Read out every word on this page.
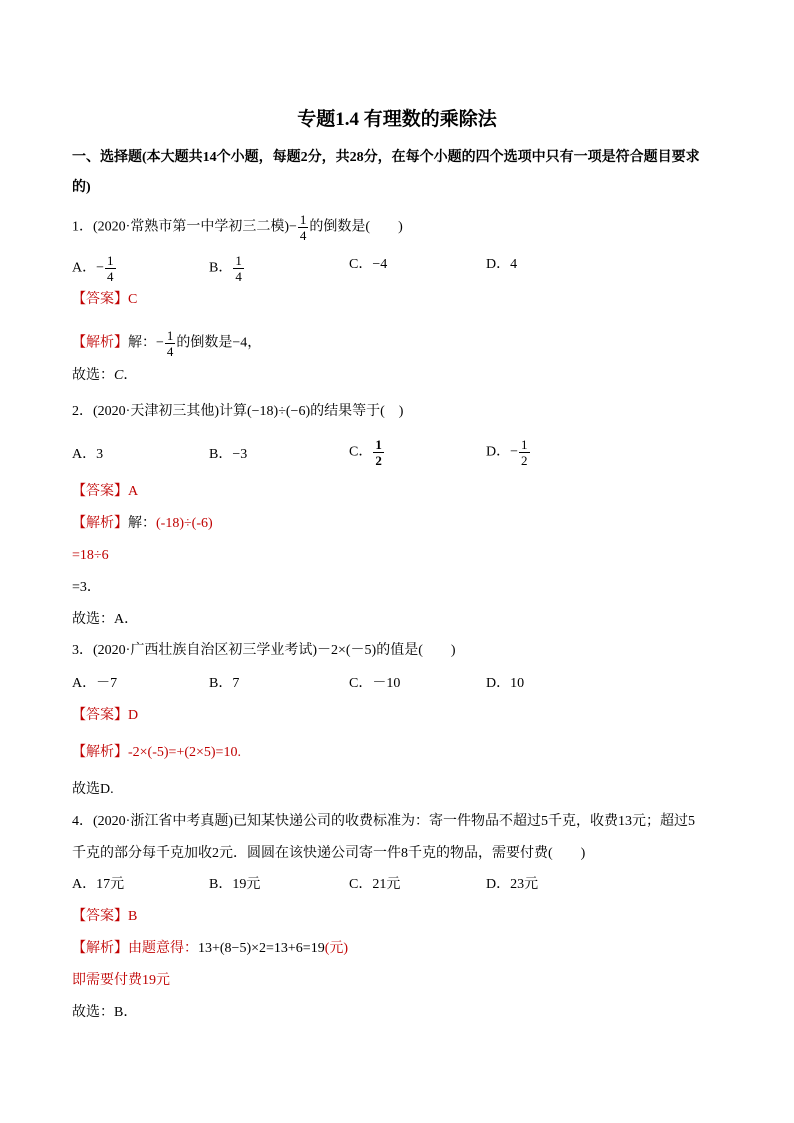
专题1.4 有理数的乘除法
一、选择题(本大题共14个小题，每题2分，共28分，在每个小题的四个选项中只有一项是符合题目要求
的)
1．(2020·常熟市第一中学初三二模)− $\frac{1}{4}$ 的倒数是(　　)
A．− $\frac{1}{4}$	B． $\frac{1}{4}$	C．−4	D．4
【答案】C
【解析】解：− $\frac{1}{4}$ 的倒数是−4，
故选：C．
2．(2020·天津初三其他)计算(−18)÷(−6)的结果等于(　)
A．3	B．−3	C． $\frac{1}{2}$	D．− $\frac{1}{2}$
【答案】A
【解析】解：(-18)÷(-6)
=18÷6
=3．
故选：A．
3．(2020·广西壮族自治区初三学业考试)－2×(－5)的值是(　　)
A．－7	B．7	C．－10	D．10
【答案】D
【解析】-2×(-5)=+(2×5)=10.
故选D.
4．(2020·浙江省中考真题)已知某快递公司的收费标准为：寄一件物品不超过5千克，收费13元；超过5
千克的部分每千克加收2元．圆圆在该快递公司寄一件8千克的物品，需要付费(　　)
A．17元	B．19元	C．21元	D．23元
【答案】B
【解析】由题意得：13+(8−5)×2=13+6=19(元)
即需要付费19元
故选：B．
